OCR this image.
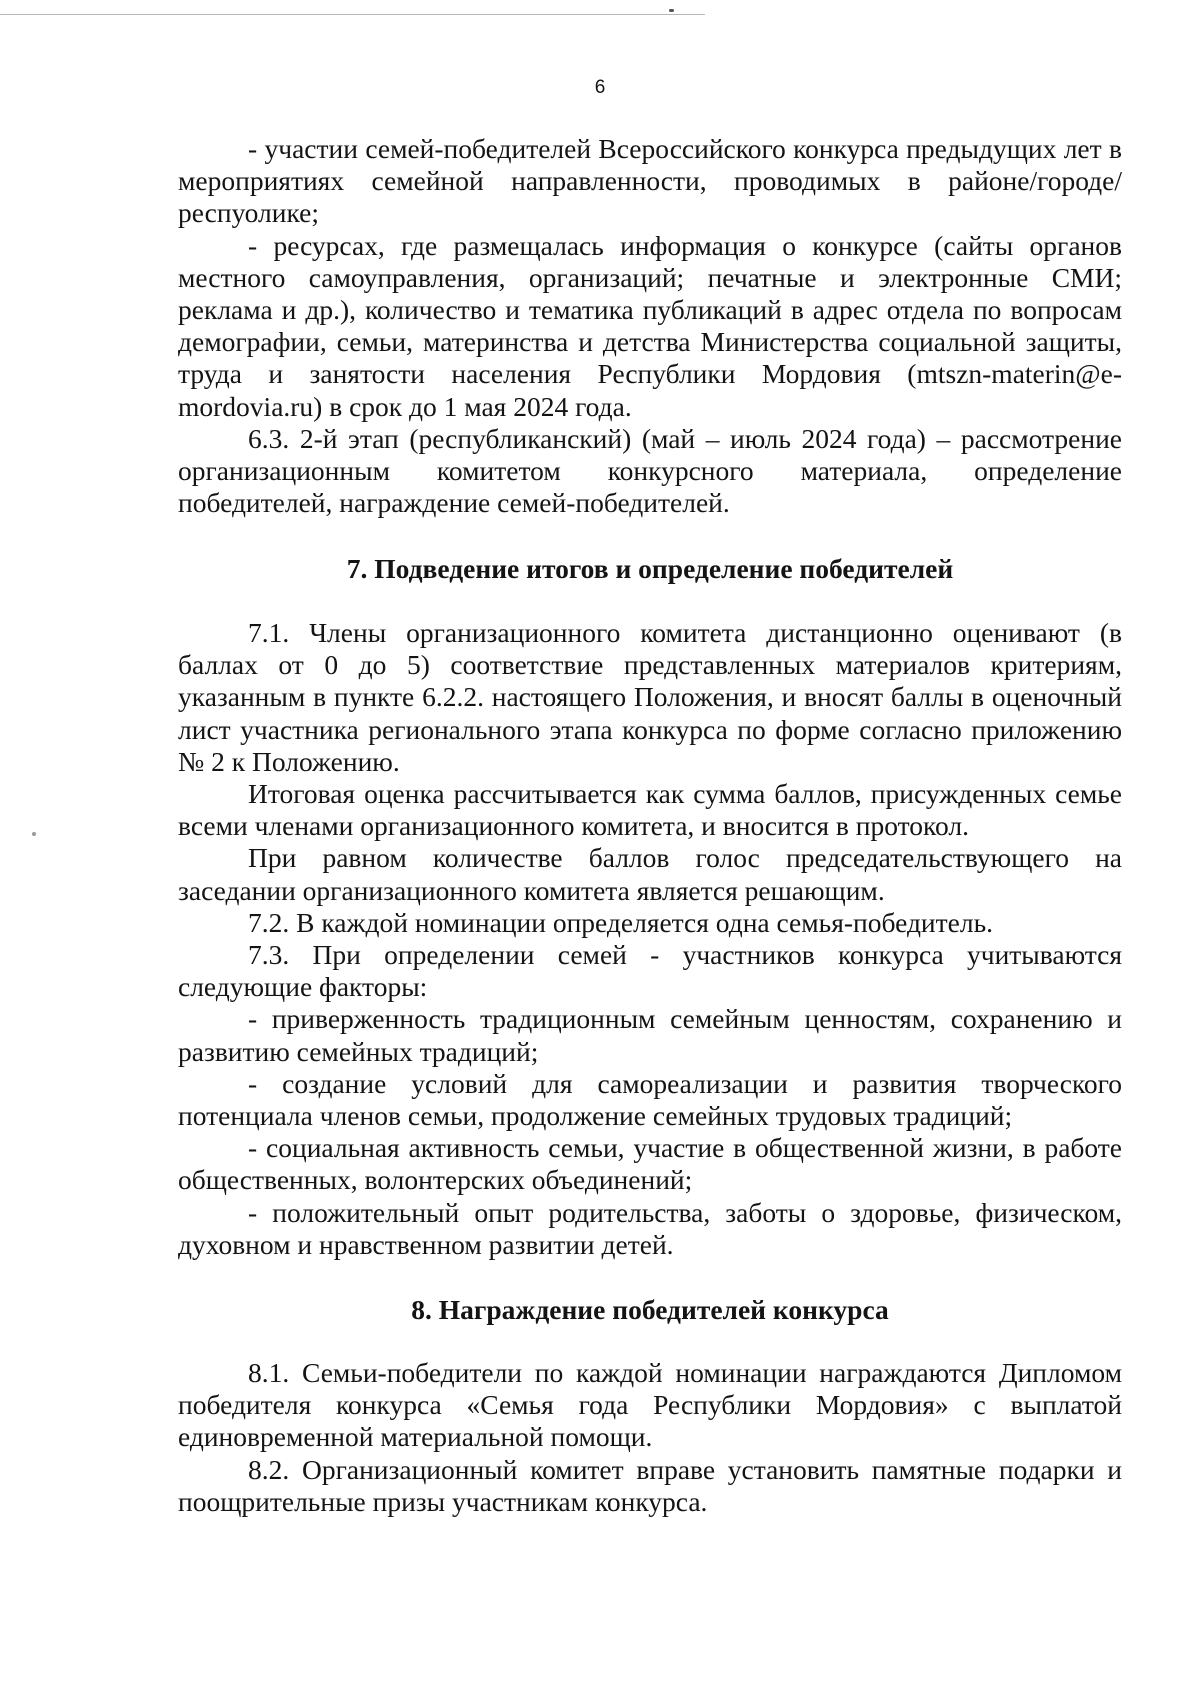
6

- участии семей-победителей Всероссийского конкурса предыдущих лет в мероприятиях семейной направленности, проводимых в районе/городе/респуолике;

- ресурсах, где размещалась информация о конкурсе (сайты органов местного самоуправления, организаций; печатные и электронные СМИ; реклама и др.), количество и тематика публикаций в адрес отдела по вопросам демографии, семьи, материнства и детства Министерства социальной защиты, труда и занятости населения Республики Мордовия (mtszn-materin@e-mordovia.ru) в срок до 1 мая 2024 года.

6.3. 2-й этап (республиканский) (май – июль 2024 года) – рассмотрение организационным комитетом конкурсного материала, определение победителей, награждение семей-победителей.

7. Подведение итогов и определение победителей

7.1. Члены организационного комитета дистанционно оценивают (в баллах от 0 до 5) соответствие представленных материалов критериям, указанным в пункте 6.2.2. настоящего Положения, и вносят баллы в оценочный лист участника регионального этапа конкурса по форме согласно приложению № 2 к Положению.

Итоговая оценка рассчитывается как сумма баллов, присужденных семье всеми членами организационного комитета, и вносится в протокол.

При равном количестве баллов голос председательствующего на заседании организационного комитета является решающим.

7.2. В каждой номинации определяется одна семья-победитель.

7.3. При определении семей - участников конкурса учитываются следующие факторы:

- приверженность традиционным семейным ценностям, сохранению и развитию семейных традиций;

- создание условий для самореализации и развития творческого потенциала членов семьи, продолжение семейных трудовых традиций;

- социальная активность семьи, участие в общественной жизни, в работе общественных, волонтерских объединений;

- положительный опыт родительства, заботы о здоровье, физическом, духовном и нравственном развитии детей.

8. Награждение победителей конкурса

8.1. Семьи-победители по каждой номинации награждаются Дипломом победителя конкурса «Семья года Республики Мордовия» с выплатой единовременной материальной помощи.

8.2. Организационный комитет вправе установить памятные подарки и поощрительные призы участникам конкурса.
